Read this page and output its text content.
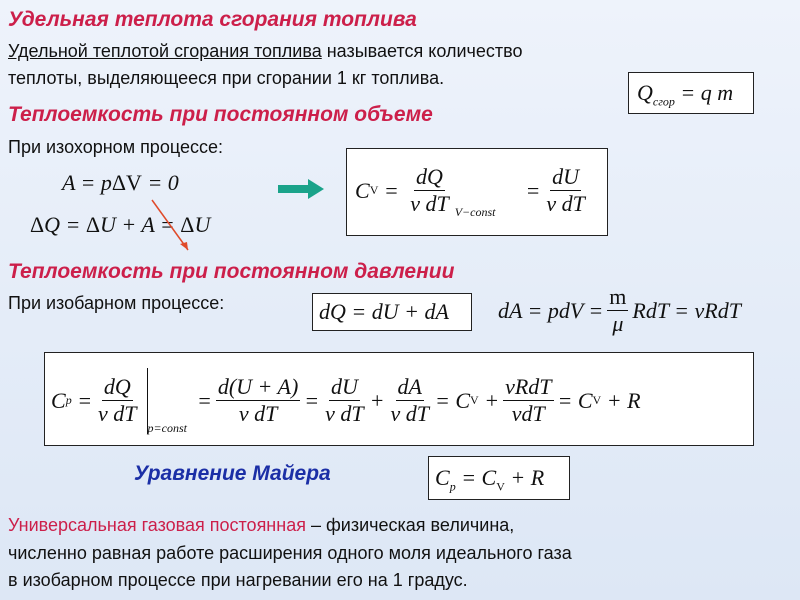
Удельная теплота сгорания топлива
Удельной теплотой сгорания топлива называется количество
теплоты, выделяющееся при сгорании 1 кг топлива.
$Q_{сгор} = q$ m
Теплоемкость при постоянном объеме
При изохорном процессе:
A = pΔV = 0
ΔQ = ΔU + A = ΔU
C $V = \frac{dQ}{\text{ν dT}}$ V−const
= $\frac{dU}{\text{ν dT}}$
Теплоемкость при постоянном давлении
При изобарном процессе:	dQ = dU + dA dA = pdV = $\frac{m}{\mu}$ RdT = νRdT
C $p = \frac{dQ}{\text{ν dT}}$
p=const
= $\frac{d(U + A)}{\text{ν dT}} = \frac{dU}{\text{ν dT}} + \frac{dA}{\text{ν dT}} = C$ $V + \frac{\text{νRdT}}{\text{νdT}} = C$ V + R
Уравнение Майера	$C_p = C_V + R$
Универсальная газовая постоянная – физическая величина,
численно равная работе расширения одного моля идеального газа
в изобарном процессе при нагревании его на 1 градус.
